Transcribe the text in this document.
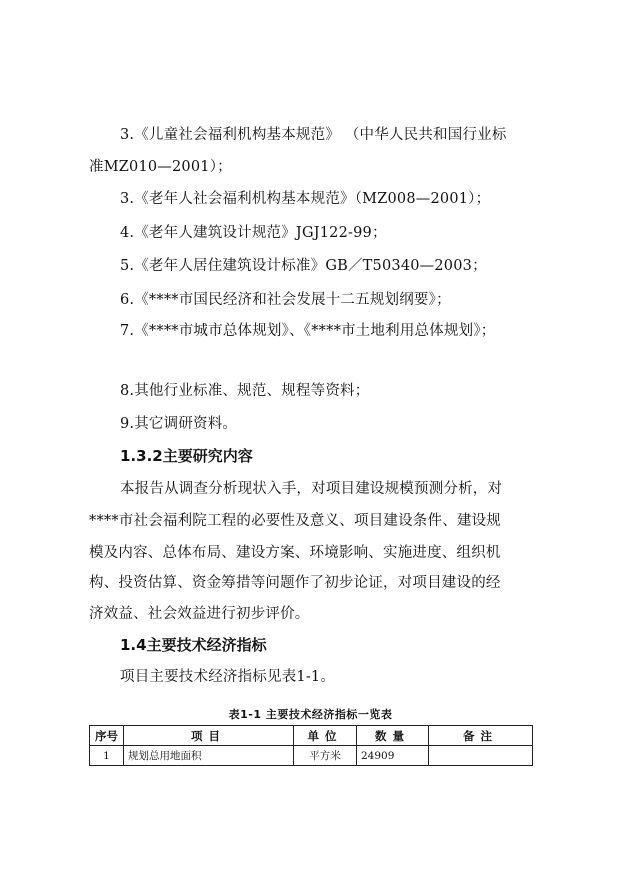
3.《儿童社会福利机构基本规范》 （中华人民共和国行业标
准MZ010—2001）；
3.《老年人社会福利机构基本规范》（MZ008—2001）；
4.《老年人建筑设计规范》JGJ122-99；
5.《老年人居住建筑设计标准》GB／T50340—2003；
6.《****市国民经济和社会发展十二五规划纲要》；
7.《****市城市总体规划》、《****市土地利用总体规划》；
8.其他行业标准、规范、规程等资料；
9.其它调研资料。
1.3.2主要研究内容
本报告从调查分析现状入手，对项目建设规模预测分析，对
****市社会福利院工程的必要性及意义、项目建设条件、建设规
模及内容、总体布局、建设方案、环境影响、实施进度、组织机
构、投资估算、资金筹措等问题作了初步论证，对项目建设的经
济效益、社会效益进行初步评价。
1.4主要技术经济指标
项目主要技术经济指标见表1-1。
表1-1 主要技术经济指标一览表
序号	项目	单位	数量	备注
1	规划总用地面积	平方米	24909	
